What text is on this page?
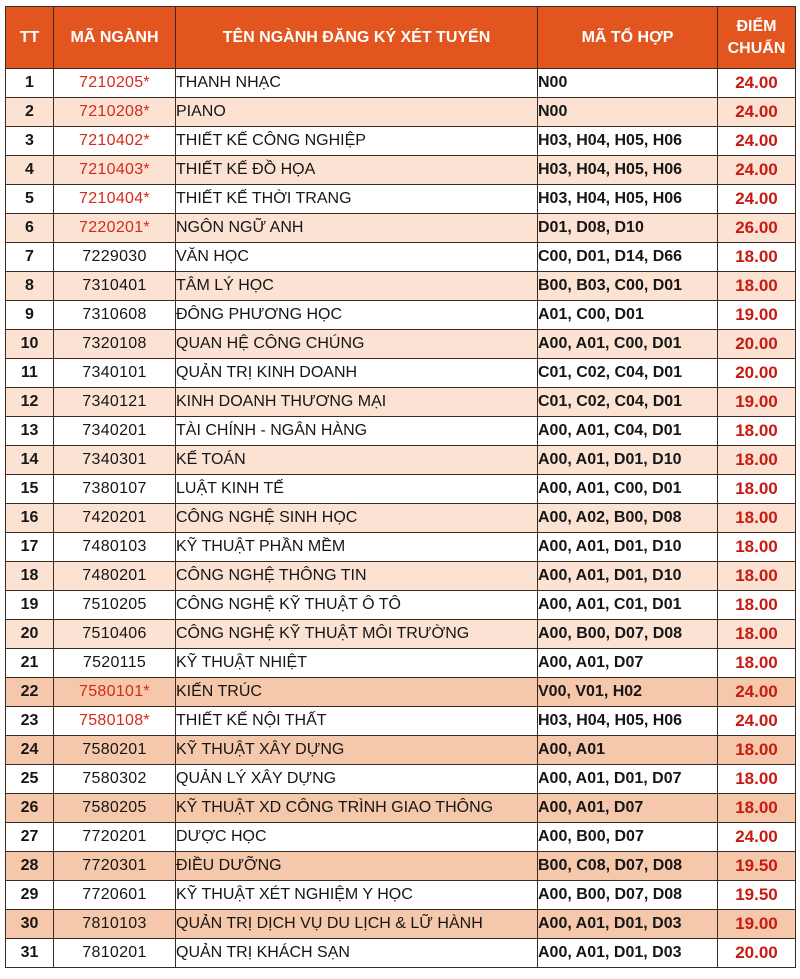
TT	MÃ NGÀNH	TÊN NGÀNH ĐĂNG KÝ XÉT TUYỂN	MÃ TỔ HỢP	ĐIỂM
CHUẨN

1	7210205*	THANH NHẠC	N00	24.00
2	7210208*	PIANO	N00	24.00
3	7210402*	THIẾT KẾ CÔNG NGHIỆP	H03, H04, H05, H06	24.00
4	7210403*	THIẾT KẾ ĐỒ HỌA	H03, H04, H05, H06	24.00
5	7210404*	THIẾT KẾ THỜI TRANG	H03, H04, H05, H06	24.00
6	7220201*	NGÔN NGỮ ANH	D01, D08, D10	26.00
7	7229030	VĂN HỌC	C00, D01, D14, D66	18.00
8	7310401	TÂM LÝ HỌC	B00, B03, C00, D01	18.00
9	7310608	ĐÔNG PHƯƠNG HỌC	A01, C00, D01	19.00
10	7320108	QUAN HỆ CÔNG CHÚNG	A00, A01, C00, D01	20.00
11	7340101	QUẢN TRỊ KINH DOANH	C01, C02, C04, D01	20.00
12	7340121	KINH DOANH THƯƠNG MẠI	C01, C02, C04, D01	19.00
13	7340201	TÀI CHÍNH - NGÂN HÀNG	A00, A01, C04, D01	18.00
14	7340301	KẾ TOÁN	A00, A01, D01, D10	18.00
15	7380107	LUẬT KINH TẾ	A00, A01, C00, D01	18.00
16	7420201	CÔNG NGHỆ SINH HỌC	A00, A02, B00, D08	18.00
17	7480103	KỸ THUẬT PHẦN MỀM	A00, A01, D01, D10	18.00
18	7480201	CÔNG NGHỆ THÔNG TIN	A00, A01, D01, D10	18.00
19	7510205	CÔNG NGHỆ KỸ THUẬT Ô TÔ	A00, A01, C01, D01	18.00
20	7510406	CÔNG NGHỆ KỸ THUẬT MÔI TRƯỜNG	A00, B00, D07, D08	18.00
21	7520115	KỸ THUẬT NHIỆT	A00, A01, D07	18.00
22	7580101*	KIẾN TRÚC	V00, V01, H02	24.00
23	7580108*	THIẾT KẾ NỘI THẤT	H03, H04, H05, H06	24.00
24	7580201	KỸ THUẬT XÂY DỰNG	A00, A01	18.00
25	7580302	QUẢN LÝ XÂY DỰNG	A00, A01, D01, D07	18.00
26	7580205	KỸ THUẬT XD CÔNG TRÌNH GIAO THÔNG	A00, A01, D07	18.00
27	7720201	DƯỢC HỌC	A00, B00, D07	24.00
28	7720301	ĐIỀU DƯỠNG	B00, C08, D07, D08	19.50
29	7720601	KỸ THUẬT XÉT NGHIỆM Y HỌC	A00, B00, D07, D08	19.50
30	7810103	QUẢN TRỊ DỊCH VỤ DU LỊCH & LỮ HÀNH	A00, A01, D01, D03	19.00
31	7810201	QUẢN TRỊ KHÁCH SẠN	A00, A01, D01, D03	20.00
